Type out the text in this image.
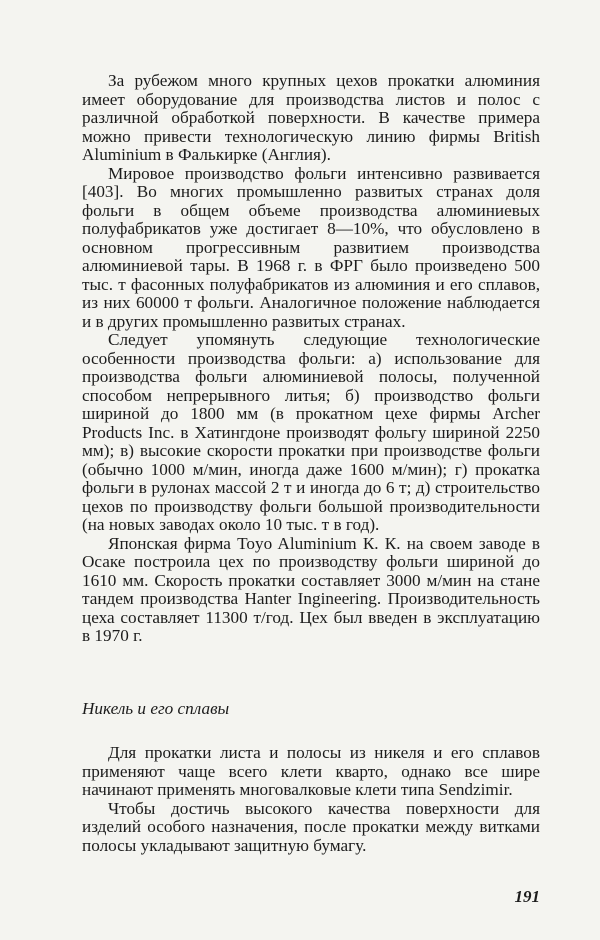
За рубежом много крупных цехов прокатки алюминия имеет оборудование для производства листов и полос с различной обработкой поверхности. В качестве примера можно привести технологическую линию фирмы British Aluminium в Фалькирке (Англия).

Мировое производство фольги интенсивно развивается [403]. Во многих промышленно развитых странах доля фольги в общем объеме производства алюминиевых полуфабрикатов уже достигает 8—10%, что обусловлено в основном прогрессивным развитием производства алюминиевой тары. В 1968 г. в ФРГ было произведено 500 тыс. т фасонных полуфабрикатов из алюминия и его сплавов, из них 60000 т фольги. Аналогичное положение наблюдается и в других промышленно развитых странах.

Следует упомянуть следующие технологические особенности производства фольги: а) использование для производства фольги алюминиевой полосы, полученной способом непрерывного литья; б) производство фольги шириной до 1800 мм (в прокатном цехе фирмы Archer Products Inc. в Хатингдоне производят фольгу шириной 2250 мм); в) высокие скорости прокатки при производстве фольги (обычно 1000 м/мин, иногда даже 1600 м/мин); г) прокатка фольги в рулонах массой 2 т и иногда до 6 т; д) строительство цехов по производству фольги большой производительности (на новых заводах около 10 тыс. т в год).

Японская фирма Toyo Aluminium К. К. на своем заводе в Осаке построила цех по производству фольги шириной до 1610 мм. Скорость прокатки составляет 3000 м/мин на стане тандем производства Hanter Ingineering. Производительность цеха составляет 11300 т/год. Цех был введен в эксплуатацию в 1970 г.

Никель и его сплавы

Для прокатки листа и полосы из никеля и его сплавов применяют чаще всего клети кварто, однако все шире начинают применять многовалковые клети типа Sendzimir.

Чтобы достичь высокого качества поверхности для изделий особого назначения, после прокатки между витками полосы укладывают защитную бумагу.

191
